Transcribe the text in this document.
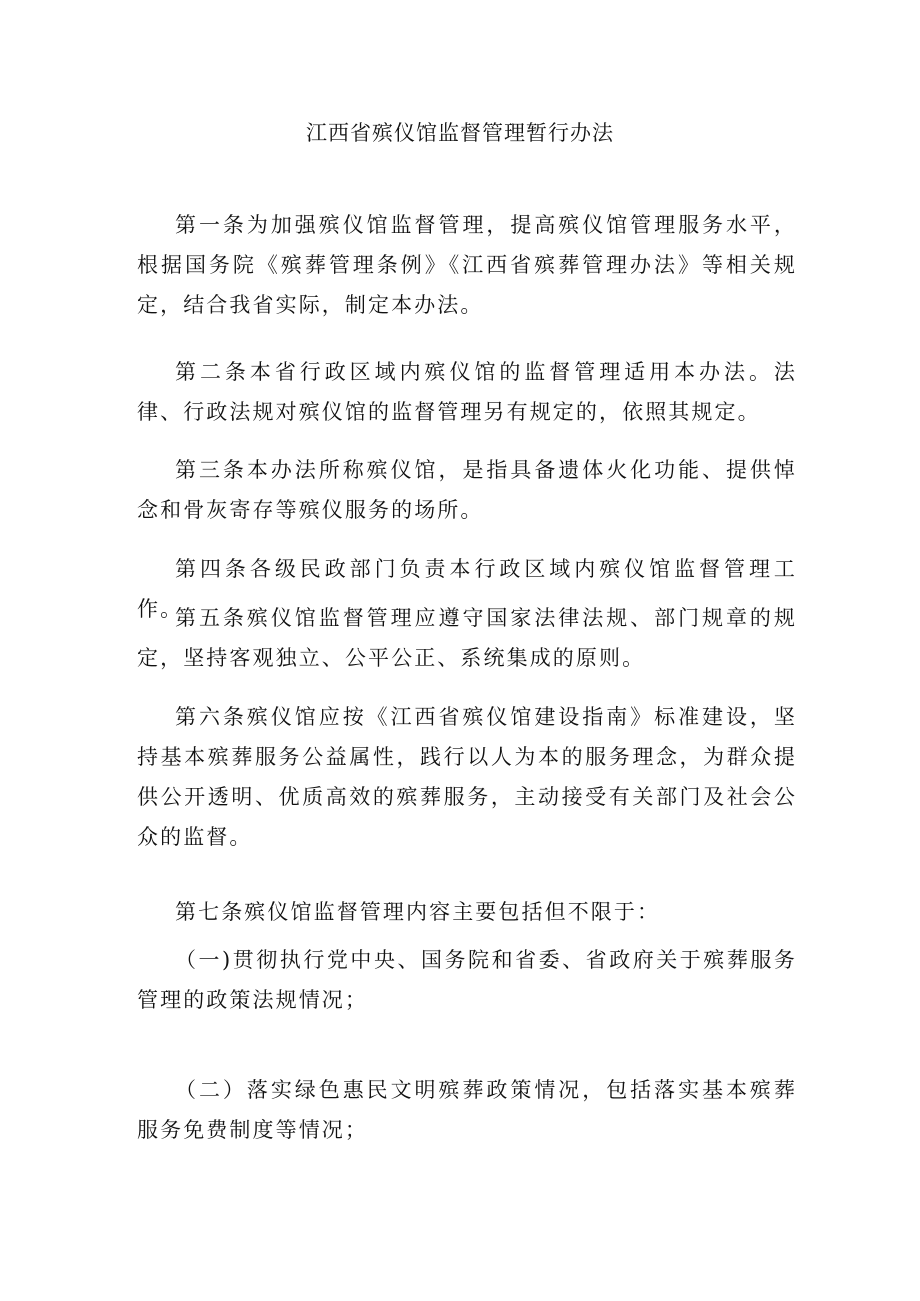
江西省殡仪馆监督管理暂行办法

第一条为加强殡仪馆监督管理，提高殡仪馆管理服务水平，根据国务院《殡葬管理条例》《江西省殡葬管理办法》等相关规定，结合我省实际，制定本办法。

第二条本省行政区域内殡仪馆的监督管理适用本办法。法律、行政法规对殡仪馆的监督管理另有规定的，依照其规定。

第三条本办法所称殡仪馆，是指具备遗体火化功能、提供悼念和骨灰寄存等殡仪服务的场所。

第四条各级民政部门负责本行政区域内殡仪馆监督管理工作。

第五条殡仪馆监督管理应遵守国家法律法规、部门规章的规定，坚持客观独立、公平公正、系统集成的原则。

第六条殡仪馆应按《江西省殡仪馆建设指南》标准建设，坚持基本殡葬服务公益属性，践行以人为本的服务理念，为群众提供公开透明、优质高效的殡葬服务，主动接受有关部门及社会公众的监督。

第七条殡仪馆监督管理内容主要包括但不限于：

（一)贯彻执行党中央、国务院和省委、省政府关于殡葬服务管理的政策法规情况；

（二）落实绿色惠民文明殡葬政策情况，包括落实基本殡葬服务免费制度等情况；
